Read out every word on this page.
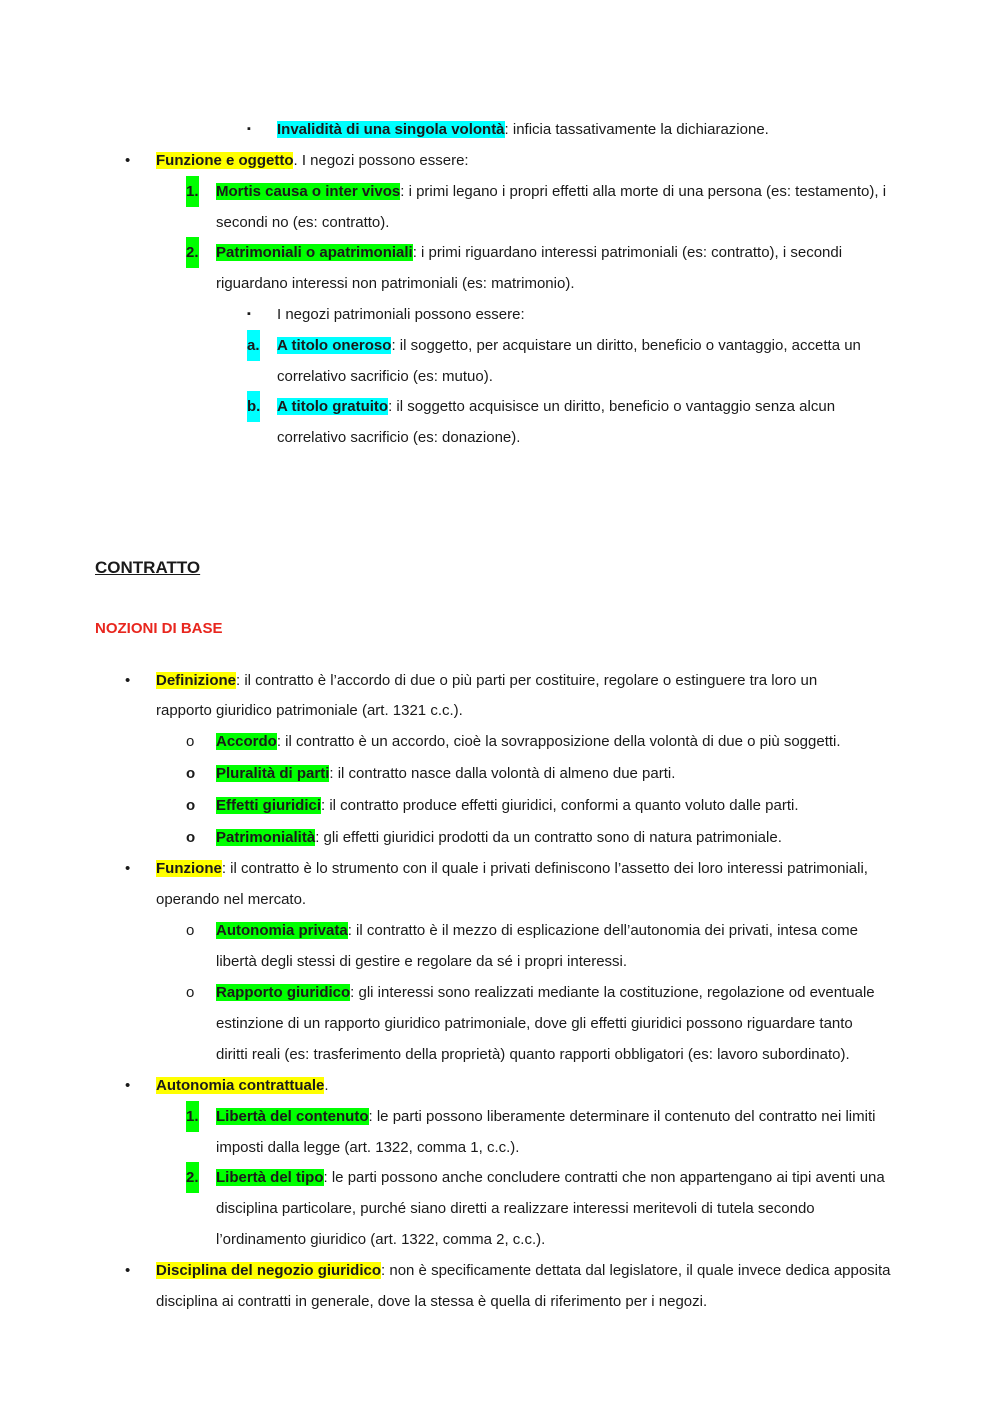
▪ Invalidità di una singola volontà: inficia tassativamente la dichiarazione.
• Funzione e oggetto. I negozi possono essere:
1. Mortis causa o inter vivos: i primi legano i propri effetti alla morte di una persona (es: testamento), i
secondi no (es: contratto).
2. Patrimoniali o apatrimoniali: i primi riguardano interessi patrimoniali (es: contratto), i secondi
riguardano interessi non patrimoniali (es: matrimonio).
▪ I negozi patrimoniali possono essere:
a. A titolo oneroso: il soggetto, per acquistare un diritto, beneficio o vantaggio, accetta un
correlativo sacrificio (es: mutuo).
b. A titolo gratuito: il soggetto acquisisce un diritto, beneficio o vantaggio senza alcun
correlativo sacrificio (es: donazione).
CONTRATTO
NOZIONI DI BASE
• Definizione: il contratto è l’accordo di due o più parti per costituire, regolare o estinguere tra loro un
rapporto giuridico patrimoniale (art. 1321 c.c.).
o Accordo: il contratto è un accordo, cioè la sovrapposizione della volontà di due o più soggetti.
o Pluralità di parti: il contratto nasce dalla volontà di almeno due parti.
o Effetti giuridici: il contratto produce effetti giuridici, conformi a quanto voluto dalle parti.
o Patrimonialità: gli effetti giuridici prodotti da un contratto sono di natura patrimoniale.
• Funzione: il contratto è lo strumento con il quale i privati definiscono l’assetto dei loro interessi patrimoniali,
operando nel mercato.
o Autonomia privata: il contratto è il mezzo di esplicazione dell’autonomia dei privati, intesa come
libertà degli stessi di gestire e regolare da sé i propri interessi.
o Rapporto giuridico: gli interessi sono realizzati mediante la costituzione, regolazione od eventuale
estinzione di un rapporto giuridico patrimoniale, dove gli effetti giuridici possono riguardare tanto
diritti reali (es: trasferimento della proprietà) quanto rapporti obbligatori (es: lavoro subordinato).
• Autonomia contrattuale.
1. Libertà del contenuto: le parti possono liberamente determinare il contenuto del contratto nei limiti
imposti dalla legge (art. 1322, comma 1, c.c.).
2. Libertà del tipo: le parti possono anche concludere contratti che non appartengano ai tipi aventi una
disciplina particolare, purché siano diretti a realizzare interessi meritevoli di tutela secondo
l’ordinamento giuridico (art. 1322, comma 2, c.c.).
• Disciplina del negozio giuridico: non è specificamente dettata dal legislatore, il quale invece dedica apposita
disciplina ai contratti in generale, dove la stessa è quella di riferimento per i negozi.
